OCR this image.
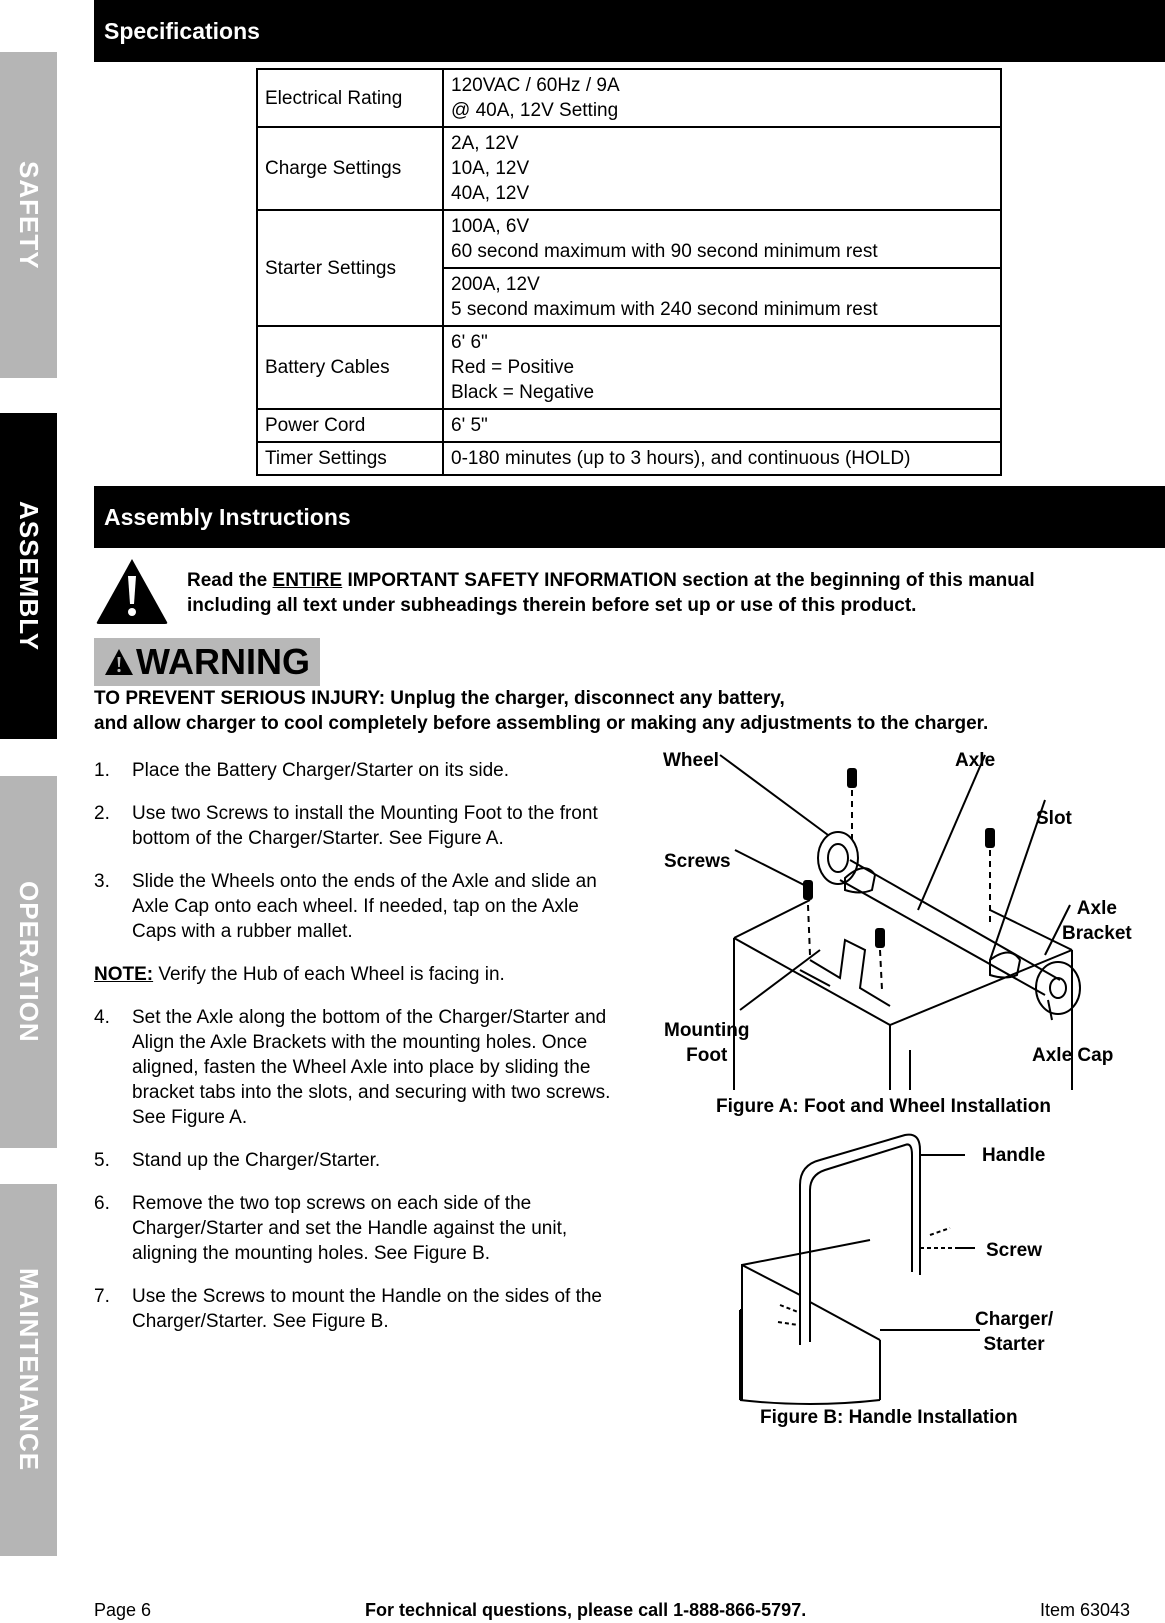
SAFETY
ASSEMBLY
OPERATION
MAINTENANCE
Specifications
Electrical Rating	120VAC / 60Hz / 9A
@ 40A, 12V Setting

Charge Settings	2A, 12V
10A, 12V
40A, 12V

Starter Settings	100A, 6V
60 second maximum with 90 second minimum rest

	200A, 12V
5 second maximum with 240 second minimum rest

Battery Cables	6' 6"
Red = Positive
Black = Negative

Power Cord	6' 5"

Timer Settings	0-180 minutes (up to 3 hours), and continuous (HOLD)
Assembly Instructions
Read the ENTIRE IMPORTANT SAFETY INFORMATION section at the beginning of this manual including all text under subheadings therein before set up or use of this product.
WARNING
TO PREVENT SERIOUS INJURY: Unplug the charger, disconnect any battery,
and allow charger to cool completely before assembling or making any adjustments to the charger.
1.	Place the Battery Charger/Starter on its side.
2.	Use two Screws to install the Mounting Foot to the front bottom of the Charger/Starter. See Figure A.
3.	Slide the Wheels onto the ends of the Axle and slide an Axle Cap onto each wheel. If needed, tap on the Axle Caps with a rubber mallet.
NOTE: Verify the Hub of each Wheel is facing in.
4.	Set the Axle along the bottom of the Charger/Starter and Align the Axle Brackets with the mounting holes. Once aligned, fasten the Wheel Axle into place by sliding the bracket tabs into the slots, and securing with two screws. See Figure A.
5.	Stand up the Charger/Starter.
6.	Remove the two top screws on each side of the Charger/Starter and set the Handle against the unit, aligning the mounting holes. See Figure B.
7.	Use the Screws to mount the Handle on the sides of the Charger/Starter. See Figure B.
Wheel	Axle
Slot
Screws
Axle
Bracket
Mounting
Foot	Axle Cap
Figure A: Foot and Wheel Installation
Handle
Screw
Charger/
Starter
Figure B: Handle Installation
Page 6	For technical questions, please call 1-888-866-5797.	Item 63043
